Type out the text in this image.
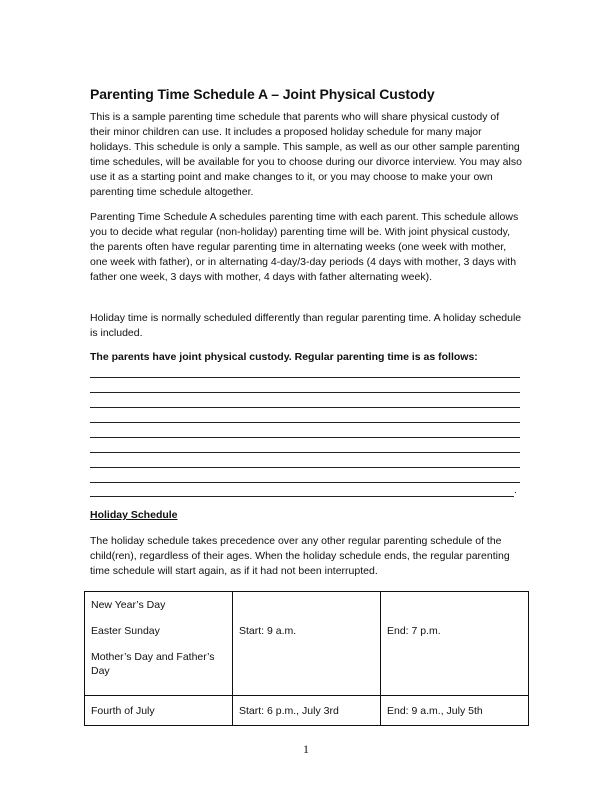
Parenting Time Schedule A – Joint Physical Custody

This is a sample parenting time schedule that parents who will share physical custody of their minor children can use. It includes a proposed holiday schedule for many major holidays. This schedule is only a sample. This sample, as well as our other sample parenting time schedules, will be available for you to choose during our divorce interview. You may also use it as a starting point and make changes to it, or you may choose to make your own parenting time schedule altogether.

Parenting Time Schedule A schedules parenting time with each parent. This schedule allows you to decide what regular (non-holiday) parenting time will be. With joint physical custody, the parents often have regular parenting time in alternating weeks (one week with mother, one week with father), or in alternating 4-day/3-day periods (4 days with mother, 3 days with father one week, 3 days with mother, 4 days with father alternating week).

Holiday time is normally scheduled differently than regular parenting time. A holiday schedule is included.

The parents have joint physical custody. Regular parenting time is as follows:
.
Holiday Schedule

The holiday schedule takes precedence over any other regular parenting schedule of the child(ren), regardless of their ages. When the holiday schedule ends, the regular parenting time schedule will start again, as if it had not been interrupted.

New Year’s Day
Easter Sunday
Mother’s Day and Father’s Day	Start: 9 a.m.	End: 7 p.m.

Fourth of July	Start: 6 p.m., July 3rd	End: 9 a.m., July 5th
1
